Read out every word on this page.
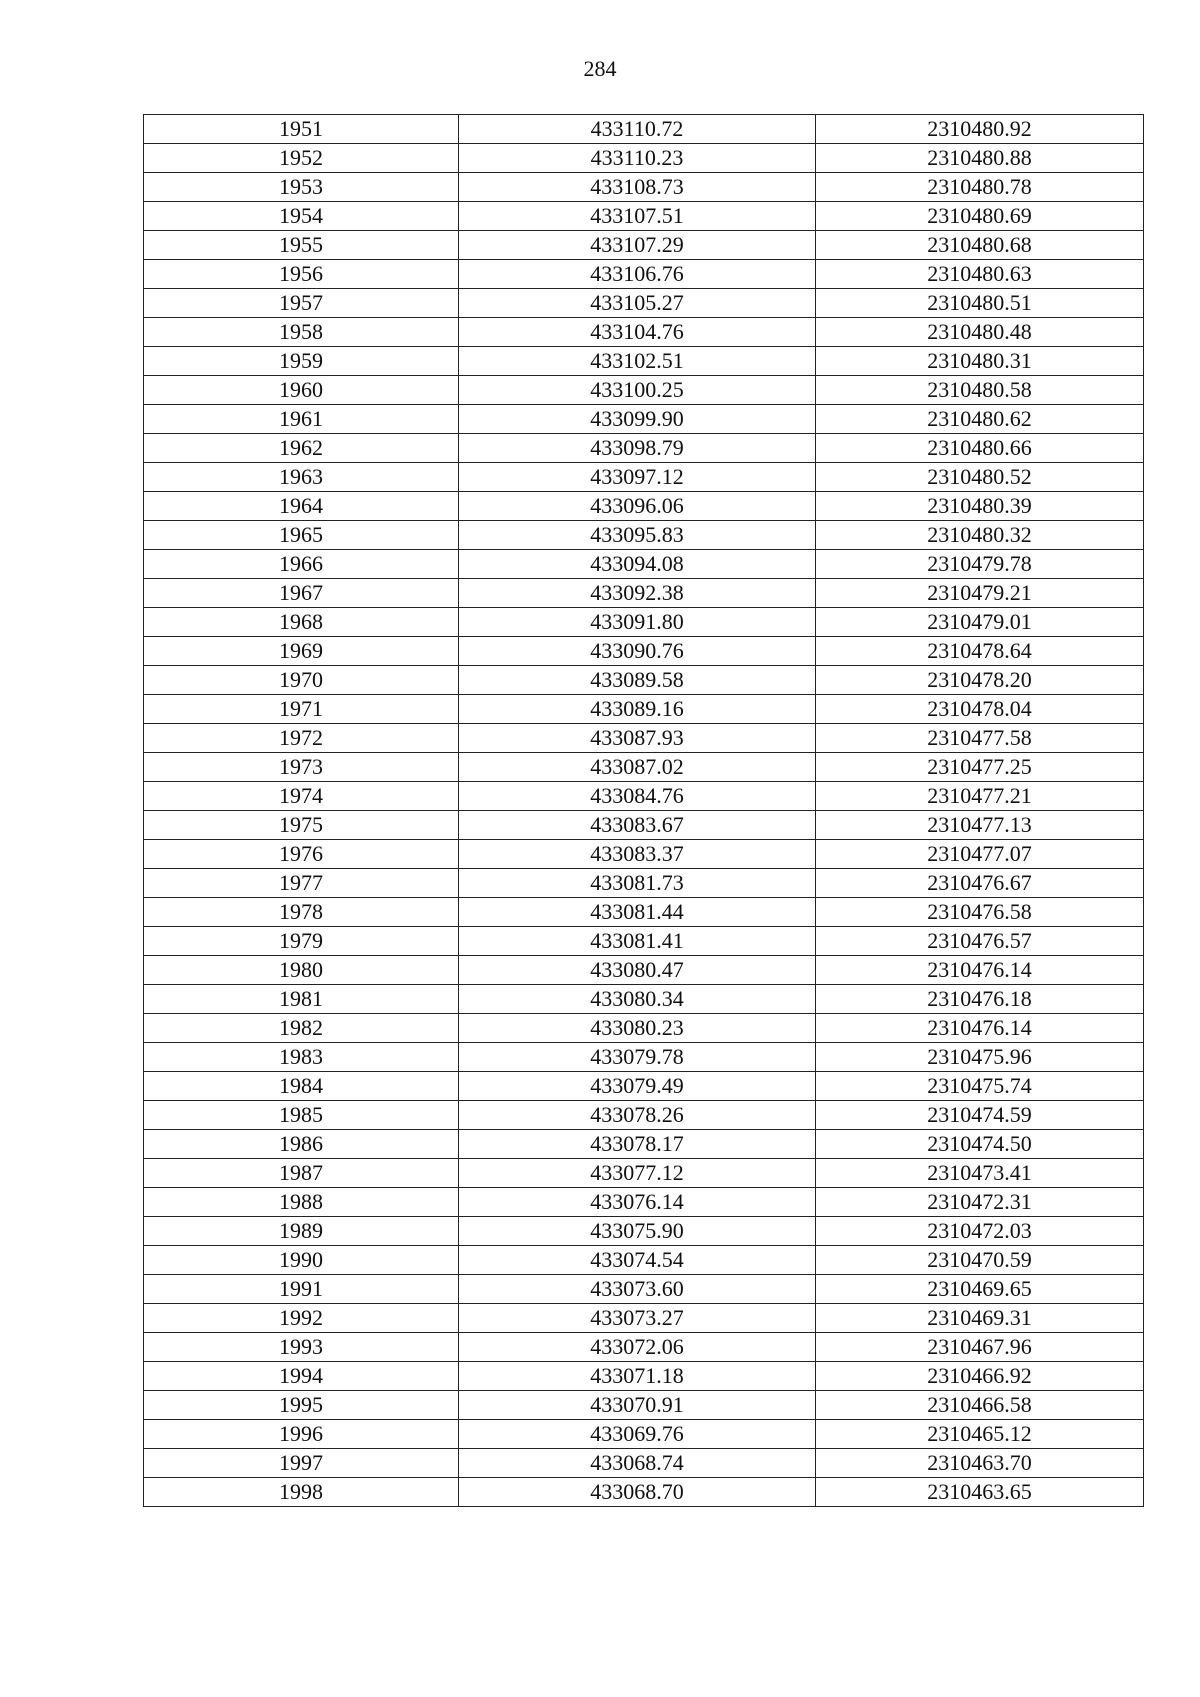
284
1951	433110.72	2310480.92
1952	433110.23	2310480.88
1953	433108.73	2310480.78
1954	433107.51	2310480.69
1955	433107.29	2310480.68
1956	433106.76	2310480.63
1957	433105.27	2310480.51
1958	433104.76	2310480.48
1959	433102.51	2310480.31
1960	433100.25	2310480.58
1961	433099.90	2310480.62
1962	433098.79	2310480.66
1963	433097.12	2310480.52
1964	433096.06	2310480.39
1965	433095.83	2310480.32
1966	433094.08	2310479.78
1967	433092.38	2310479.21
1968	433091.80	2310479.01
1969	433090.76	2310478.64
1970	433089.58	2310478.20
1971	433089.16	2310478.04
1972	433087.93	2310477.58
1973	433087.02	2310477.25
1974	433084.76	2310477.21
1975	433083.67	2310477.13
1976	433083.37	2310477.07
1977	433081.73	2310476.67
1978	433081.44	2310476.58
1979	433081.41	2310476.57
1980	433080.47	2310476.14
1981	433080.34	2310476.18
1982	433080.23	2310476.14
1983	433079.78	2310475.96
1984	433079.49	2310475.74
1985	433078.26	2310474.59
1986	433078.17	2310474.50
1987	433077.12	2310473.41
1988	433076.14	2310472.31
1989	433075.90	2310472.03
1990	433074.54	2310470.59
1991	433073.60	2310469.65
1992	433073.27	2310469.31
1993	433072.06	2310467.96
1994	433071.18	2310466.92
1995	433070.91	2310466.58
1996	433069.76	2310465.12
1997	433068.74	2310463.70
1998	433068.70	2310463.65
